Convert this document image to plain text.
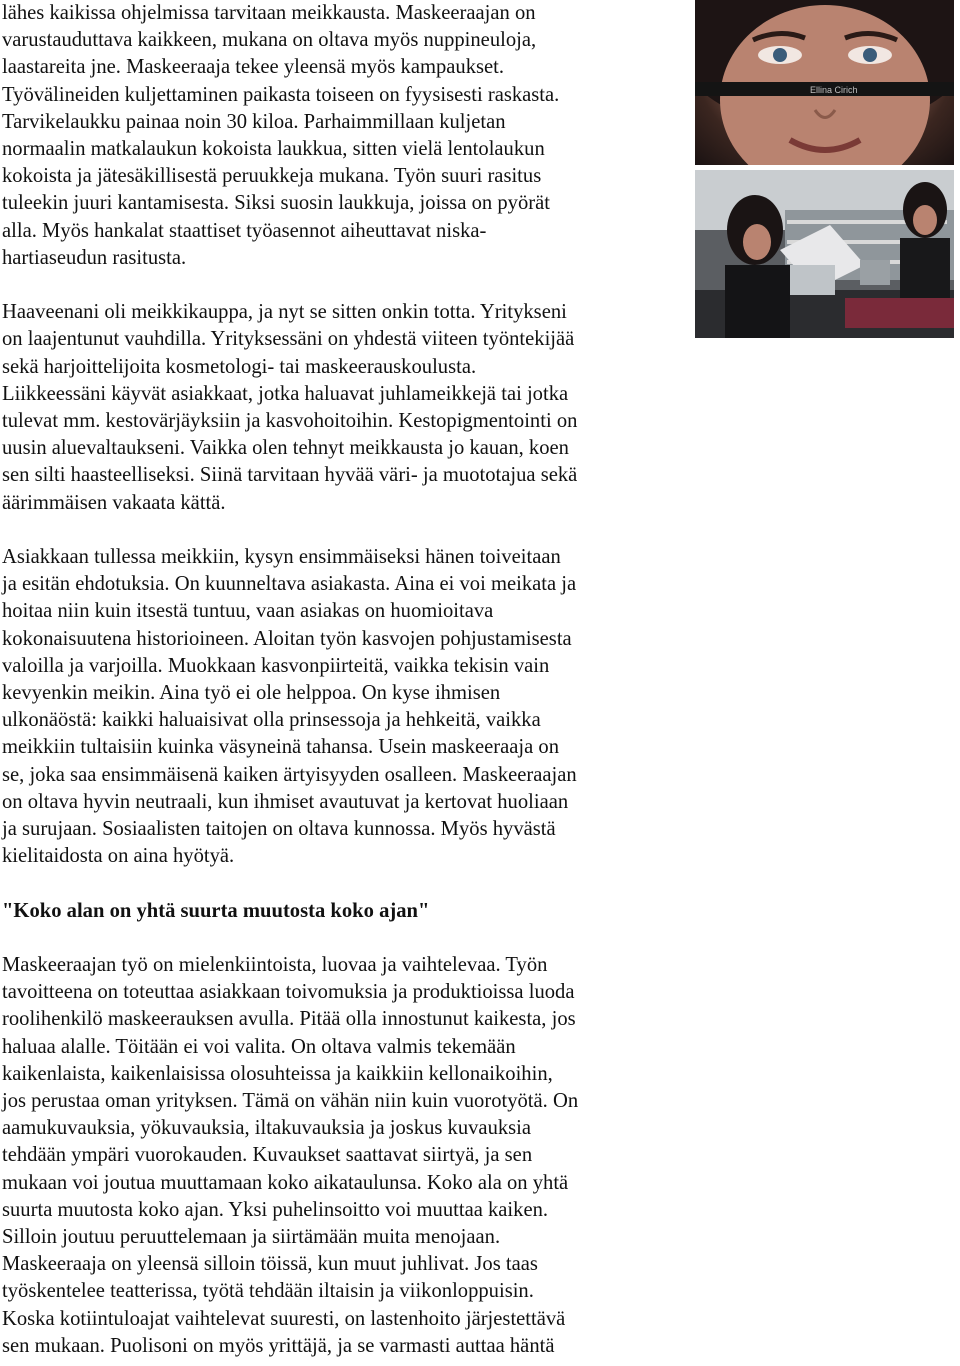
lähes kaikissa ohjelmissa tarvitaan meikkausta. Maskeeraajan on
varustauduttava kaikkeen, mukana on oltava myös nuppineuloja,
laastareita jne. Maskeeraaja tekee yleensä myös kampaukset.
Työvälineiden kuljettaminen paikasta toiseen on fyysisesti raskasta.
Tarvikelaukku painaa noin 30 kiloa. Parhaimmillaan kuljetan
normaalin matkalaukun kokoista laukkua, sitten vielä lentolaukun
kokoista ja jätesäkillisestä peruukkeja mukana. Työn suuri rasitus
tuleekin juuri kantamisesta. Siksi suosin laukkuja, joissa on pyörät
alla. Myös hankalat staattiset työasennot aiheuttavat niska-
hartiaseudun rasitusta.
Haaveenani oli meikkikauppa, ja nyt se sitten onkin totta. Yritykseni
on laajentunut vauhdilla. Yrityksessäni on yhdestä viiteen työntekijää
sekä harjoittelijoita kosmetologi- tai maskeerauskoulusta.
Liikkeessäni käyvät asiakkaat, jotka haluavat juhlameikkejä tai jotka
tulevat mm. kestovärjäyksiin ja kasvohoitoihin. Kestopigmentointi on
uusin aluevaltaukseni. Vaikka olen tehnyt meikkausta jo kauan, koen
sen silti haasteelliseksi. Siinä tarvitaan hyvää väri- ja muototajua sekä
äärimmäisen vakaata kättä.
Asiakkaan tullessa meikkiin, kysyn ensimmäiseksi hänen toiveitaan
ja esitän ehdotuksia. On kuunneltava asiakasta. Aina ei voi meikata ja
hoitaa niin kuin itsestä tuntuu, vaan asiakas on huomioitava
kokonaisuutena historioineen. Aloitan työn kasvojen pohjustamisesta
valoilla ja varjoilla. Muokkaan kasvonpiirteitä, vaikka tekisin vain
kevyenkin meikin. Aina työ ei ole helppoa. On kyse ihmisen
ulkonäöstä: kaikki haluaisivat olla prinsessoja ja hehkeitä, vaikka
meikkiin tultaisiin kuinka väsyneinä tahansa. Usein maskeeraaja on
se, joka saa ensimmäisenä kaiken ärtyisyyden osalleen. Maskeeraajan
on oltava hyvin neutraali, kun ihmiset avautuvat ja kertovat huoliaan
ja surujaan. Sosiaalisten taitojen on oltava kunnossa. Myös hyvästä
kielitaidosta on aina hyötyä.
"Koko alan on yhtä suurta muutosta koko ajan"
Maskeeraajan työ on mielenkiintoista, luovaa ja vaihtelevaa. Työn
tavoitteena on toteuttaa asiakkaan toivomuksia ja produktioissa luoda
roolihenkilö maskeerauksen avulla. Pitää olla innostunut kaikesta, jos
haluaa alalle. Töitään ei voi valita. On oltava valmis tekemään
kaikenlaista, kaikenlaisissa olosuhteissa ja kaikkiin kellonaikoihin,
jos perustaa oman yrityksen. Tämä on vähän niin kuin vuorotyötä. On
aamukuvauksia, yökuvauksia, iltakuvauksia ja joskus kuvauksia
tehdään ympäri vuorokauden. Kuvaukset saattavat siirtyä, ja sen
mukaan voi joutua muuttamaan koko aikataulunsa. Koko ala on yhtä
suurta muutosta koko ajan. Yksi puhelinsoitto voi muuttaa kaiken.
Silloin joutuu peruuttelemaan ja siirtämään muita menojaan.
Maskeeraaja on yleensä silloin töissä, kun muut juhlivat. Jos taas
työskentelee teatterissa, työtä tehdään iltaisin ja viikonloppuisin.
Koska kotiintuloajat vaihtelevat suuresti, on lastenhoito järjestettävä
sen mukaan. Puolisoni on myös yrittäjä, ja se varmasti auttaa häntä
Ellina Cirich
